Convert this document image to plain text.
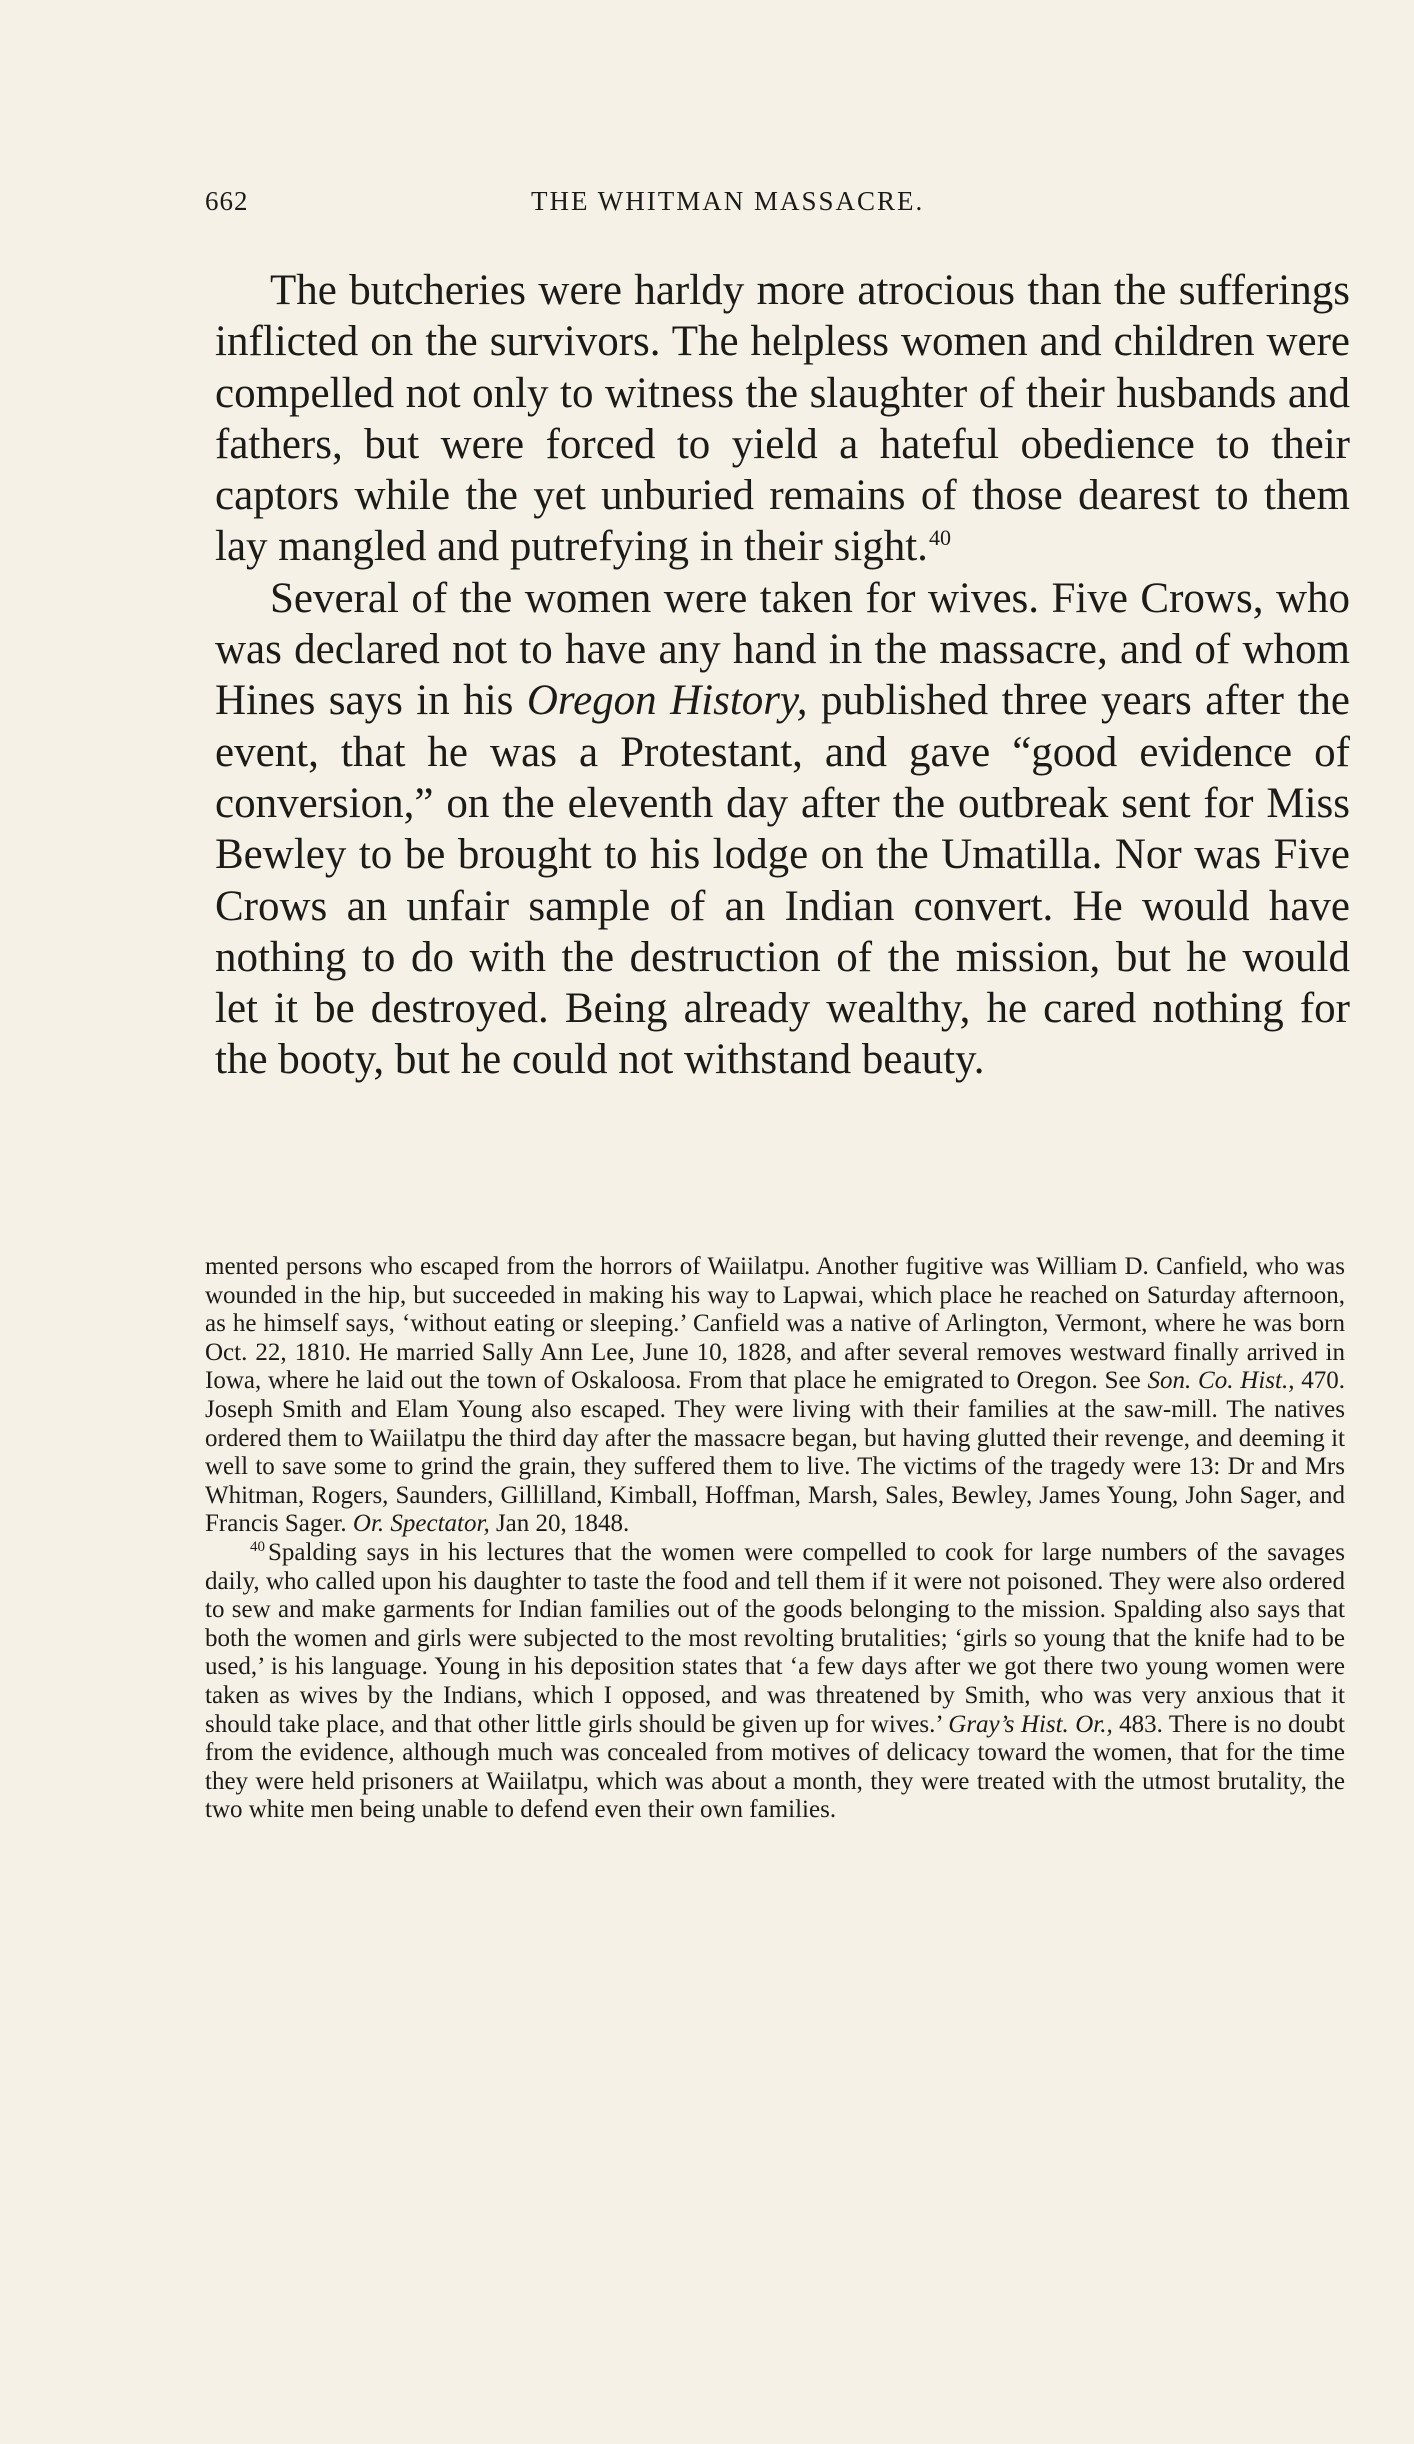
662	THE WHITMAN MASSACRE.

The butcheries were harldy more atrocious than the sufferings inflicted on the survivors. The helpless women and children were compelled not only to witness the slaughter of their husbands and fathers, but were forced to yield a hateful obedience to their captors while the yet unburied remains of those dearest to them lay mangled and putrefying in their sight.$^{40}$

Several of the women were taken for wives. Five Crows, who was declared not to have any hand in the massacre, and of whom Hines says in his Oregon History, published three years after the event, that he was a Protestant, and gave “good evidence of conversion,” on the eleventh day after the outbreak sent for Miss Bewley to be brought to his lodge on the Umatilla. Nor was Five Crows an unfair sample of an Indian convert. He would have nothing to do with the destruction of the mission, but he would let it be destroyed. Being already wealthy, he cared nothing for the booty, but he could not withstand beauty.

mented persons who escaped from the horrors of Waiilatpu. Another fugitive was William D. Canfield, who was wounded in the hip, but succeeded in making his way to Lapwai, which place he reached on Saturday afternoon, as he himself says, ‘without eating or sleeping.’ Canfield was a native of Arlington, Vermont, where he was born Oct. 22, 1810. He married Sally Ann Lee, June 10, 1828, and after several removes westward finally arrived in Iowa, where he laid out the town of Oskaloosa. From that place he emigrated to Oregon. See Son. Co. Hist., 470. Joseph Smith and Elam Young also escaped. They were living with their families at the saw-mill. The natives ordered them to Waiilatpu the third day after the massacre began, but having glutted their revenge, and deeming it well to save some to grind the grain, they suffered them to live. The victims of the tragedy were 13: Dr and Mrs Whitman, Rogers, Saunders, Gillilland, Kimball, Hoffman, Marsh, Sales, Bewley, James Young, John Sager, and Francis Sager. Or. Spectator, Jan 20, 1848.

$^{40}$ Spalding says in his lectures that the women were compelled to cook for large numbers of the savages daily, who called upon his daughter to taste the food and tell them if it were not poisoned. They were also ordered to sew and make garments for Indian families out of the goods belonging to the mission. Spalding also says that both the women and girls were subjected to the most revolting brutalities; ‘girls so young that the knife had to be used,’ is his language. Young in his deposition states that ‘a few days after we got there two young women were taken as wives by the Indians, which I opposed, and was threatened by Smith, who was very anxious that it should take place, and that other little girls should be given up for wives.’ Gray’s Hist. Or., 483. There is no doubt from the evidence, although much was concealed from motives of delicacy toward the women, that for the time they were held prisoners at Waiilatpu, which was about a month, they were treated with the utmost brutality, the two white men being unable to defend even their own families.
